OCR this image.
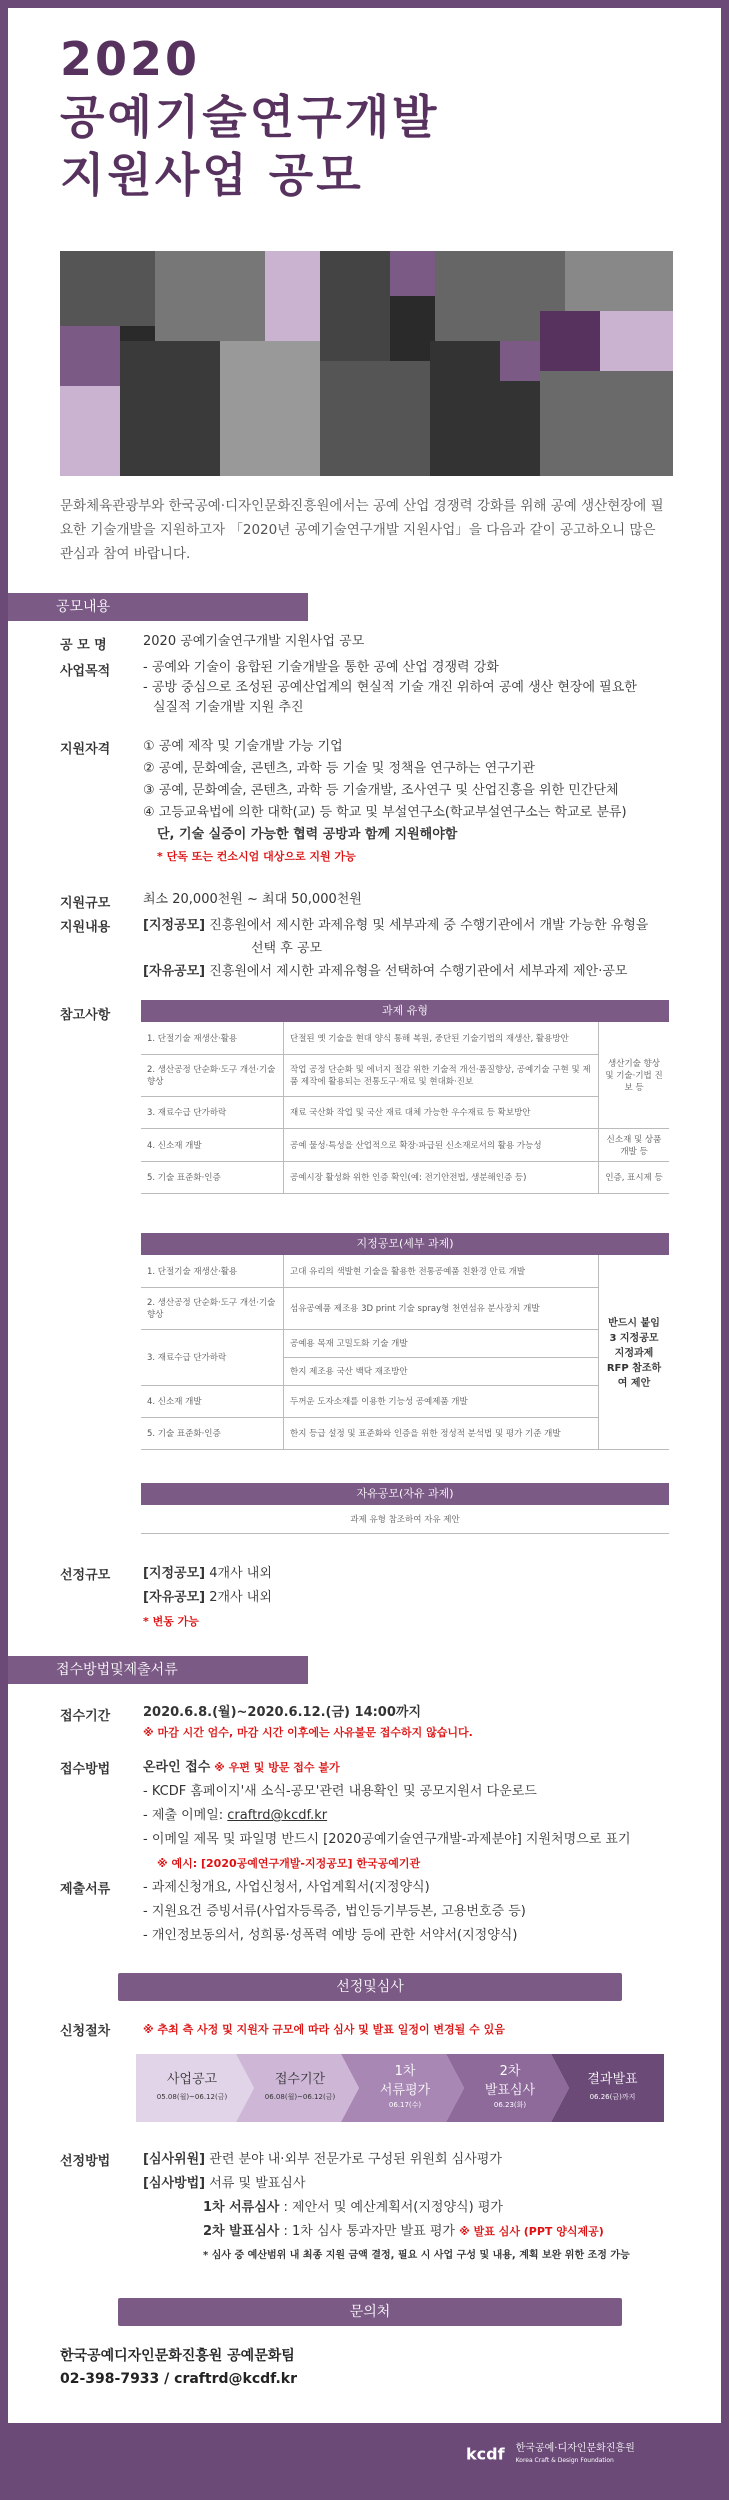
2020
공예기술연구개발
지원사업 공모
문화체육관광부와 한국공예·디자인문화진흥원에서는 공예 산업 경쟁력 강화를 위해 공예 생산현장에 필요한 기술개발을 지원하고자 「2020년 공예기술연구개발 지원사업」을 다음과 같이 공고하오니 많은 관심과 참여 바랍니다.
공모내용
공 모 명	2020 공예기술연구개발 지원사업 공모
사업목적	- 공예와 기술이 융합된 기술개발을 통한 공예 산업 경쟁력 강화
- 공방 중심으로 조성된 공예산업계의 현실적 기술 개진 위하여 공예 생산 현장에 필요한
실질적 기술개발 지원 추진
지원자격	① 공예 제작 및 기술개발 가능 기업
② 공예, 문화예술, 콘텐츠, 과학 등 기술 및 정책을 연구하는 연구기관
③ 공예, 문화예술, 콘텐츠, 과학 등 기술개발, 조사연구 및 산업진흥을 위한 민간단체
④ 고등교육법에 의한 대학(교) 등 학교 및 부설연구소(학교부설연구소는 학교로 분류)
단, 기술 실증이 가능한 협력 공방과 함께 지원해야함
* 단독 또는 컨소시엄 대상으로 지원 가능
지원규모	최소 20,000천원 ~ 최대 50,000천원
지원내용	[지정공모] 진흥원에서 제시한 과제유형 및 세부과제 중 수행기관에서 개발 가능한 유형을
선택 후 공모
[자유공모] 진흥원에서 제시한 과제유형을 선택하여 수행기관에서 세부과제 제안·공모
참고사항	과제 유형
1. 단절기술 재생산·활용	단절된 옛 기술을 현대 양식 통해 복원, 중단된 기술기법의 재생산, 활용방안	생산기술 향상 및 기술·기법 진보 등
2. 생산공정 단순화·도구 개선·기술 향상	작업 공정 단순화 및 에너지 절감 위한 기술적 개선·품질향상, 공예기술 구현 및 제품 제작에 활용되는 전통도구·재료 및 현대화·진보	
3. 재료수급 단가하락	재료 국산화 작업 및 국산 재료 대체 가능한 우수재료 등 확보방안	
4. 신소재 개발	공예 물성·특성을 산업적으로 확장·파급된 신소재로서의 활용 가능성	신소재 및 상품 개발 등
5. 기술 표준화·인증	공예시장 활성화 위한 인증 확인(예: 전기안전법, 생분해인증 등)	인증, 표시제 등
지정공모(세부 과제)
1. 단절기술 재생산·활용	고대 유리의 색발현 기술을 활용한 전통공예품 친환경 안료 개발	반드시 붙임3 지정공모 지정과제 RFP 참조하여 제안
2. 생산공정 단순화·도구 개선·기술 향상	섬유공예품 제조용 3D print 기술 spray형 천연섬유 분사장치 개발	
3. 재료수급 단가하락	공예용 목재 고밀도화 기술 개발	
	한지 제조용 국산 백닥 재조방안	
4. 신소재 개발	두꺼운 도자소재를 이용한 기능성 공예제품 개발	
5. 기술 표준화·인증	한지 등급 설정 및 표준화와 인증을 위한 정성적 분석법 및 평가 기준 개발	
자유공모(자유 과제)
과제 유형 참조하여 자유 제안
선정규모	[지정공모] 4개사 내외
[자유공모] 2개사 내외
* 변동 가능
접수방법및제출서류
접수기간	2020.6.8.(월)~2020.6.12.(금) 14:00까지
※ 마감 시간 엄수, 마감 시간 이후에는 사유불문 접수하지 않습니다.
접수방법	온라인 접수 ※ 우편 및 방문 접수 불가
- KCDF 홈페이지'새 소식-공모'관련 내용확인 및 공모지원서 다운로드
- 제출 이메일: craftrd@kcdf.kr
- 이메일 제목 및 파일명 반드시 [2020공예기술연구개발-과제분야] 지원처명으로 표기
※ 예시: [2020공예연구개발-지정공모] 한국공예기관
제출서류	- 과제신청개요, 사업신청서, 사업계획서(지정양식)
- 지원요건 증빙서류(사업자등록증, 법인등기부등본, 고용번호증 등)
- 개인정보동의서, 성희롱·성폭력 예방 등에 관한 서약서(지정양식)
선정및심사
신청절차	※ 추최 측 사정 및 지원자 규모에 따라 심사 및 발표 일정이 변경될 수 있음
사업공고
05.08(월)~06.12(금)
접수기간
06.08(월)~06.12(금)
1차
서류평가
06.17(수)
2차
발표심사
06.23(화)
결과발표
06.26(금)까지
선정방법	[심사위원] 관련 분야 내·외부 전문가로 구성된 위원회 심사평가
[심사방법] 서류 및 발표심사
1차 서류심사 : 제안서 및 예산계획서(지정양식) 평가
2차 발표심사 : 1차 심사 통과자만 발표 평가 ※ 발표 심사 (PPT 양식제공)
* 심사 중 예산범위 내 최종 지원 금액 결정, 필요 시 사업 구성 및 내용, 계획 보완 위한 조정 가능
문의처
한국공예디자인문화진흥원 공예문화팀
02-398-7933 / craftrd@kcdf.kr
kcdf 한국공예·디자인문화진흥원
Korea Craft & Design Foundation
